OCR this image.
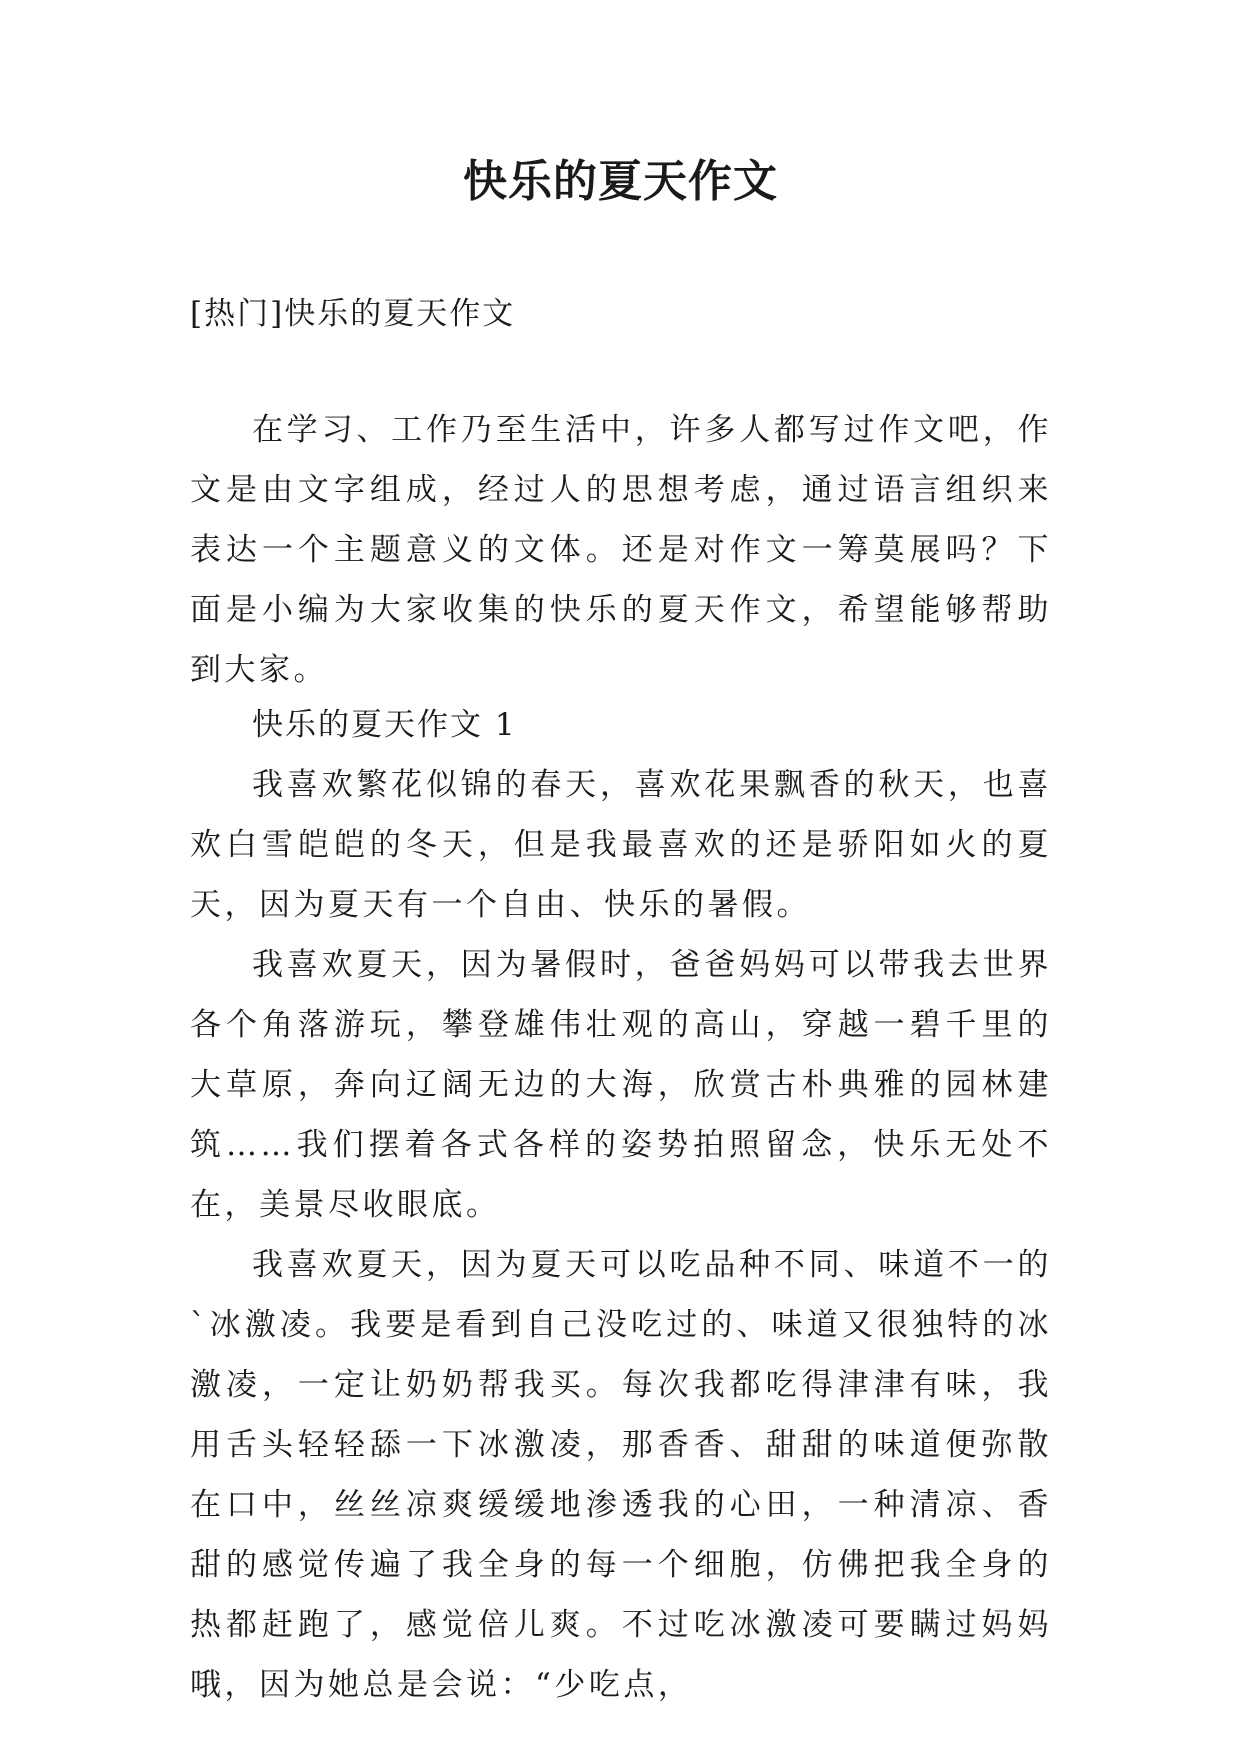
快乐的夏天作文
[热门]快乐的夏天作文

在学习、工作乃至生活中，许多人都写过作文吧，作文是由文字组成，经过人的思想考虑，通过语言组织来表达一个主题意义的文体。还是对作文一筹莫展吗？下面是小编为大家收集的快乐的夏天作文，希望能够帮助到大家。

快乐的夏天作文 1

我喜欢繁花似锦的春天，喜欢花果飘香的秋天，也喜欢白雪皑皑的冬天，但是我最喜欢的还是骄阳如火的夏天，因为夏天有一个自由、快乐的暑假。

我喜欢夏天，因为暑假时，爸爸妈妈可以带我去世界各个角落游玩，攀登雄伟壮观的高山，穿越一碧千里的大草原，奔向辽阔无边的大海，欣赏古朴典雅的园林建筑……我们摆着各式各样的姿势拍照留念，快乐无处不在，美景尽收眼底。

我喜欢夏天，因为夏天可以吃品种不同、味道不一的`冰激凌。我要是看到自己没吃过的、味道又很独特的冰激凌，一定让奶奶帮我买。每次我都吃得津津有味，我用舌头轻轻舔一下冰激凌，那香香、甜甜的味道便弥散在口中，丝丝凉爽缓缓地渗透我的心田，一种清凉、香甜的感觉传遍了我全身的每一个细胞，仿佛把我全身的热都赶跑了，感觉倍儿爽。不过吃冰激凌可要瞒过妈妈哦，因为她总是会说：“少吃点，
